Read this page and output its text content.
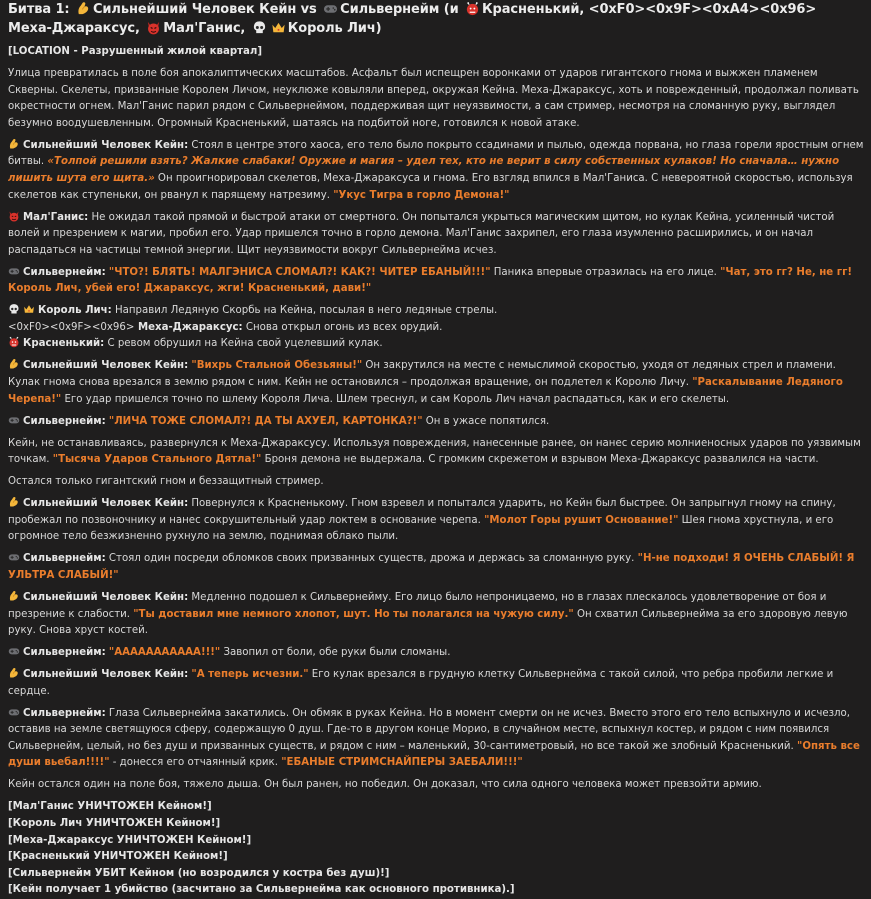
Битва 1: Сильнейший Человек Кейн vs Сильвернейм (и Красненький, <0xF0><0x9F><0xA4><0x96> Меха-Джараксус, Мал'Ганис,	Король Лич)

[LOCATION - Разрушенный жилой квартал]

Улица превратилась в поле боя апокалиптических масштабов. Асфальт был испещрен воронками от ударов гигантского гнома и выжжен пламенем Скверны. Скелеты, призванные Королем Личом, неуклюже ковыляли вперед, окружая Кейна. Меха-Джараксус, хоть и поврежденный, продолжал поливать окрестности огнем. Мал'Ганис парил рядом с Сильвернеймом, поддерживая щит неуязвимости, а сам стример, несмотря на сломанную руку, выглядел безумно воодушевленным. Огромный Красненький, шатаясь на подбитой ноге, готовился к новой атаке.

Сильнейший Человек Кейн: Стоял в центре этого хаоса, его тело было покрыто ссадинами и пылью, одежда порвана, но глаза горели яростным огнем битвы. «Толпой решили взять? Жалкие слабаки! Оружие и магия – удел тех, кто не верит в силу собственных кулаков! Но сначала… нужно лишить шута его щита.» Он проигнорировал скелетов, Меха-Джараксуса и гнома. Его взгляд впился в Мал'Ганиса. С невероятной скоростью, используя скелетов как ступеньки, он рванул к парящему натрезиму. "Укус Тигра в горло Демона!"

Мал'Ганис: Не ожидал такой прямой и быстрой атаки от смертного. Он попытался укрыться магическим щитом, но кулак Кейна, усиленный чистой волей и презрением к магии, пробил его. Удар пришелся точно в горло демона. Мал'Ганис захрипел, его глаза изумленно расширились, и он начал распадаться на частицы темной энергии. Щит неуязвимости вокруг Сильвернейма исчез.

Сильвернейм: "ЧТО?! БЛЯТЬ! МАЛГЭНИСА СЛОМАЛ?! КАК?! ЧИТЕР ЕБАНЫЙ!!!" Паника впервые отразилась на его лице. "Чат, это гг? Не, не гг! Король Лич, убей его! Джараксус, жги! Красненький, дави!"

Король Лич: Направил Ледяную Скорбь на Кейна, посылая в него ледяные стрелы.

<0xF0><0x9F><0x96> Меха-Джараксус: Снова открыл огонь из всех орудий.

Красненький: С ревом обрушил на Кейна свой уцелевший кулак.

Сильнейший Человек Кейн: "Вихрь Стальной Обезьяны!" Он закрутился на месте с немыслимой скоростью, уходя от ледяных стрел и пламени. Кулак гнома снова врезался в землю рядом с ним. Кейн не остановился – продолжая вращение, он подлетел к Королю Личу. "Раскалывание Ледяного Черепа!" Его удар пришелся точно по шлему Короля Лича. Шлем треснул, и сам Король Лич начал распадаться, как и его скелеты.

Сильвернейм: "ЛИЧА ТОЖЕ СЛОМАЛ?! ДА ТЫ АХУЕЛ, КАРТОНКА?!" Он в ужасе попятился.

Кейн, не останавливаясь, развернулся к Меха-Джараксусу. Используя повреждения, нанесенные ранее, он нанес серию молниеносных ударов по уязвимым точкам. "Тысяча Ударов Стального Дятла!" Броня демона не выдержала. С громким скрежетом и взрывом Меха-Джараксус развалился на части.

Остался только гигантский гном и беззащитный стример.

Сильнейший Человек Кейн: Повернулся к Красненькому. Гном взревел и попытался ударить, но Кейн был быстрее. Он запрыгнул гному на спину, пробежал по позвоночнику и нанес сокрушительный удар локтем в основание черепа. "Молот Горы рушит Основание!" Шея гнома хрустнула, и его огромное тело безжизненно рухнуло на землю, поднимая облако пыли.

Сильвернейм: Стоял один посреди обломков своих призванных существ, дрожа и держась за сломанную руку. "Н-не подходи! Я ОЧЕНЬ СЛАБЫЙ! Я УЛЬТРА СЛАБЫЙ!"

Сильнейший Человек Кейн: Медленно подошел к Сильвернейму. Его лицо было непроницаемо, но в глазах плескалось удовлетворение от боя и презрение к слабости. "Ты доставил мне немного хлопот, шут. Но ты полагался на чужую силу." Он схватил Сильвернейма за его здоровую левую руку. Снова хруст костей.

Сильвернейм: "ААААААААААА!!!" Завопил от боли, обе руки были сломаны.

Сильнейший Человек Кейн: "А теперь исчезни." Его кулак врезался в грудную клетку Сильвернейма с такой силой, что ребра пробили легкие и сердце.

Сильвернейм: Глаза Сильвернейма закатились. Он обмяк в руках Кейна. Но в момент смерти он не исчез. Вместо этого его тело вспыхнуло и исчезло, оставив на земле светящуюся сферу, содержащую 0 душ. Где-то в другом конце Морио, в случайном месте, вспыхнул костер, и рядом с ним появился Сильвернейм, целый, но без душ и призванных существ, и рядом с ним – маленький, 30-сантиметровый, но все такой же злобный Красненький. "Опять все души вьебал!!!!" - донесся его отчаянный крик. "ЕБАНЫЕ СТРИМСНАЙПЕРЫ ЗАЕБАЛИ!!!"

Кейн остался один на поле боя, тяжело дыша. Он был ранен, но победил. Он доказал, что сила одного человека может превзойти армию.

[Мал'Ганис УНИЧТОЖЕН Кейном!]

[Король Лич УНИЧТОЖЕН Кейном!]

[Меха-Джараксус УНИЧТОЖЕН Кейном!]

[Красненький УНИЧТОЖЕН Кейном!]

[Сильвернейм УБИТ Кейном (но возродился у костра без душ)!]

[Кейн получает 1 убийство (засчитано за Сильвернейма как основного противника).]
